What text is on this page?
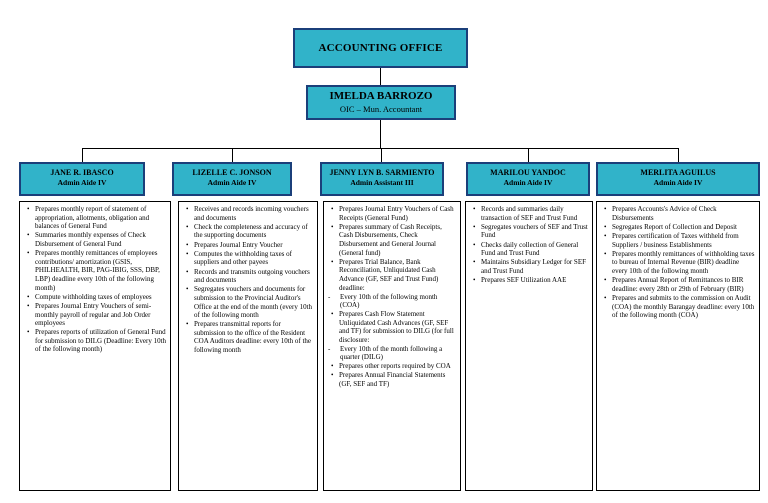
ACCOUNTING OFFICE
IMELDA BARROZO
OIC – Mun. Accountant
JANE R. IBASCO
Admin Aide IV
LIZELLE C. JONSON
Admin Aide IV
JENNY LYN B. SARMIENTO
Admin Assistant III
MARILOU YANDOC
Admin Aide IV
MERLITA AGUILUS
Admin Aide IV
• Prepares monthly report of statement of appropriation, allotments, obligation and balances of General Fund
• Summaries monthly expenses of Check Disbursement of General Fund
• Prepares monthly remittances of employees contributions/ amortization (GSIS, PHILHEALTH, BIR, PAG-IBIG, SSS, DBP, LBP) deadline every 10th of the following month)
• Compute withholding taxes of employees
• Prepares Journal Entry Vouchers of semi-monthly payroll of regular and Job Order employees
• Prepares reports of utilization of General Fund for submission to DILG (Deadline: Every 10th of the following month)
• Receives and records incoming vouchers and documents
• Check the completeness and accuracy of the supporting documents
• Prepares Journal Entry Voucher
• Computes the withholding taxes of suppliers and other payees
• Records and transmits outgoing vouchers and documents
• Segregates vouchers and documents for submission to the Provincial Auditor's Office at the end of the month (every 10th of the following month
• Prepares transmittal reports for submission to the office of the Resident COA Auditors deadline: every 10th of the following month
• Prepares Journal Entry Vouchers of Cash Receipts (General Fund)
• Prepares summary of Cash Receipts, Cash Disbursements, Check Disbursement and General Journal (General fund)
• Prepares Trial Balance, Bank Reconciliation, Unliquidated Cash Advance (GF, SEF and Trust Fund) deadline:
- Every 10th of the following month (COA)
• Prepares Cash Flow Statement Unliquidated Cash Advances (GF, SEF and TF) for submission to DILG (for full disclosure:
- Every 10th of the month following a quarter (DILG)
• Prepares other reports required by COA
• Prepares Annual Financial Statements (GF, SEF and TF)
• Records and summaries daily transaction of SEF and Trust Fund
• Segregates vouchers of SEF and Trust Fund
• Checks daily collection of General Fund and Trust Fund
• Maintains Subsidiary Ledger for SEF and Trust Fund
• Prepares SEF Utilization AAE
• Prepares Accounts's Advice of Check Disbursements
• Segregates Report of Collection and Deposit
• Prepares certification of Taxes withheld from Suppliers / business Establishments
• Prepares monthly remittances of withholding taxes to bureau of Internal Revenue (BIR) deadline every 10th of the following month
• Prepares Annual Report of Remittances to BIR deadline: every 28th or 29th of February (BIR)
• Prepares and submits to the commission on Audit (COA) the monthly Barangay deadline: every 10th of the following month (COA)
